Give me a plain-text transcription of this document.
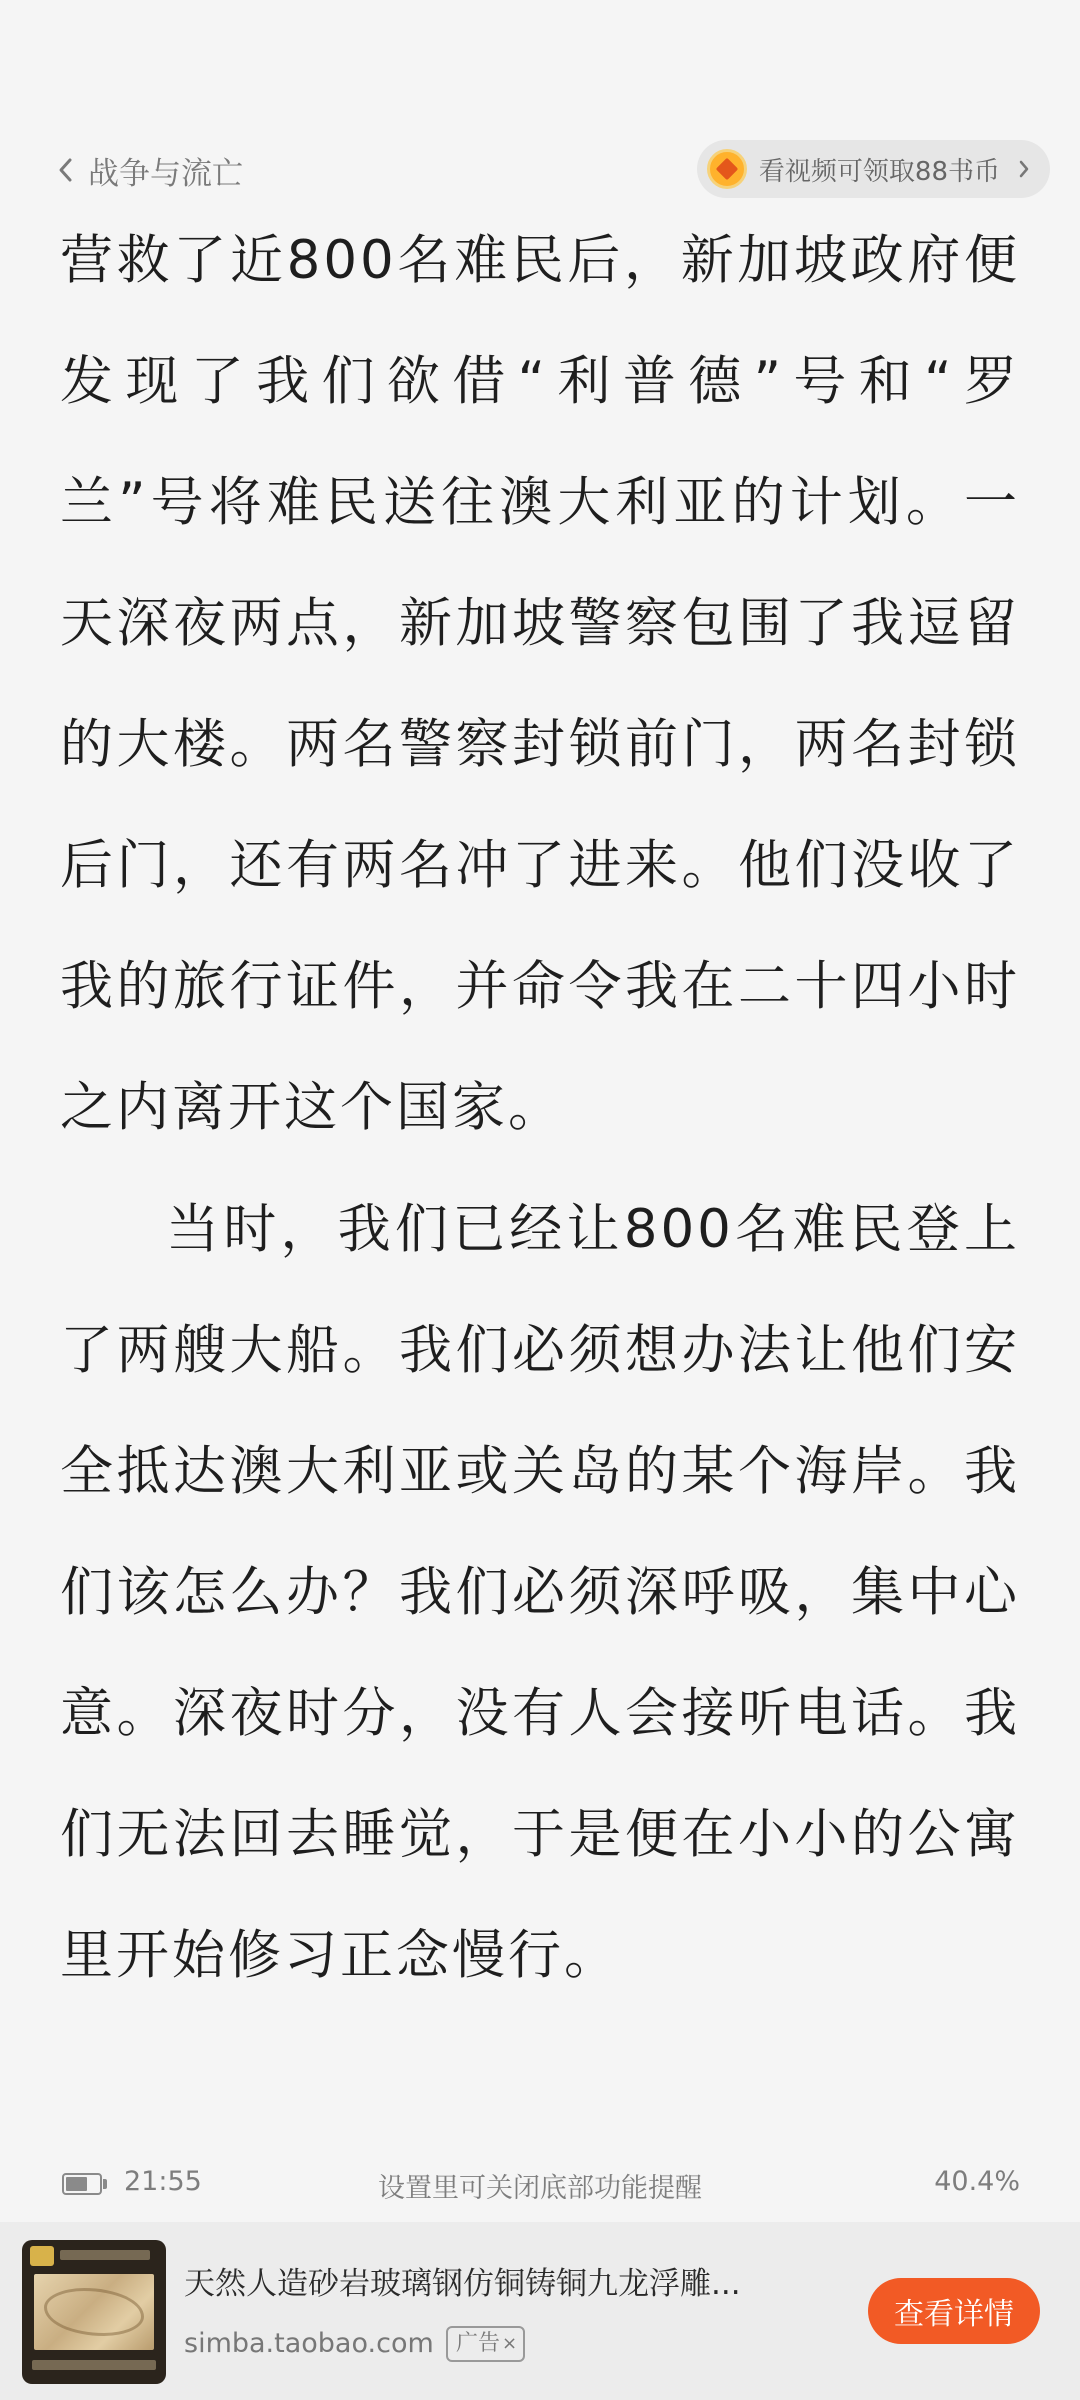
战争与流亡	看视频可领取88书币

营救了近800名难民后，新加坡政府便发现了我们欲借“利普德”号和“罗兰”号将难民送往澳大利亚的计划。一天深夜两点，新加坡警察包围了我逗留的大楼。两名警察封锁前门，两名封锁后门，还有两名冲了进来。他们没收了我的旅行证件，并命令我在二十四小时之内离开这个国家。

当时，我们已经让800名难民登上了两艘大船。我们必须想办法让他们安全抵达澳大利亚或关岛的某个海岸。我们该怎么办？我们必须深呼吸，集中心意。深夜时分，没有人会接听电话。我们无法回去睡觉，于是便在小小的公寓里开始修习正念慢行。

21:55	设置里可关闭底部功能提醒	40.4%
天然人造砂岩玻璃钢仿铜铸铜九龙浮雕...
simba.taobao.com 广告 ×
查看详情
